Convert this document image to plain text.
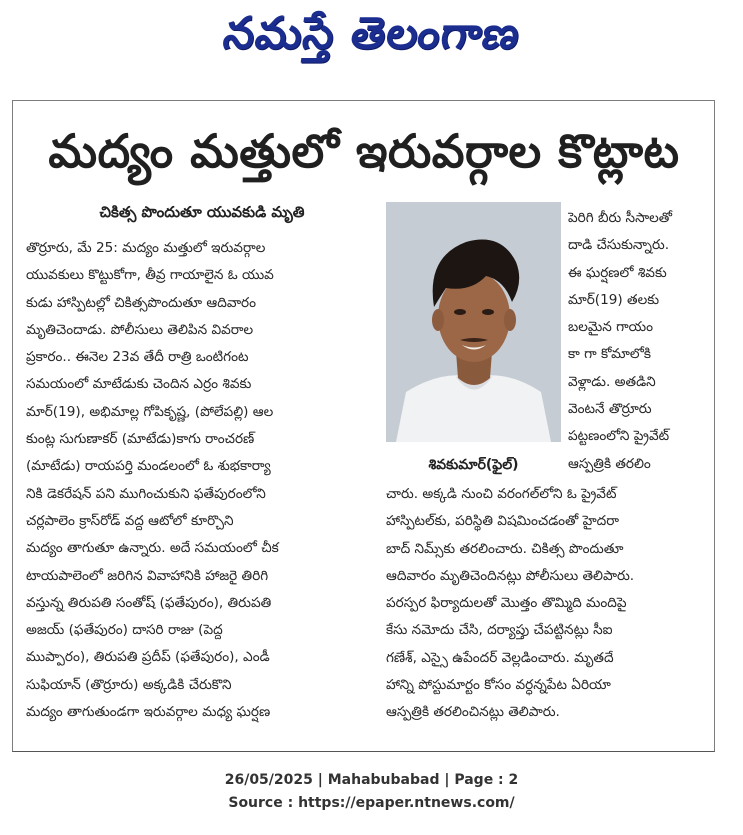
నమస్తే తెలంగాణ
మద్యం మత్తులో ఇరువర్గాల కొట్లాట
చికిత్స పొందుతూ యువకుడి మృతి
తొర్రూరు, మే 25: మద్యం మత్తులో ఇరువర్గాల
యువకులు కొట్టుకోగా, తీవ్ర గాయాలైన ఓ యువ
కుడు హాస్పిటల్లో చికిత్సపొందుతూ ఆదివారం
మృతిచెందాడు. పోలీసులు తెలిపిన వివరాల
ప్రకారం.. ఈనెల 23వ తేదీ రాత్రి ఒంటిగంట
సమయంలో మాటేడుకు చెందిన ఎర్రం శివకు
మార్(19), అభిమాల్ల గోపికృష్ణ, (పోలేపల్లి) ఆల
కుంట్ల సుగుణాకర్ (మాటేడు)కాగు రాంచరణ్
(మాటేడు) రాయపర్తి మండలంలో ఓ శుభకార్యా
నికి డెకరేషన్ పని ముగించుకుని ఫతేపురంలోని
చర్లపాలెం క్రాస్‌రోడ్ వద్ద ఆటోలో కూర్చొని
మద్యం తాగుతూ ఉన్నారు. అదే సమయంలో చీక
టాయపాలెంలో జరిగిన వివాహానికి హాజరై తిరిగి
వస్తున్న తిరుపతి సంతోష్ (ఫతేపురం), తిరుపతి
అజయ్ (ఫతేపురం) దాసరి రాజు (పెద్ద
ముప్పారం), తిరుపతి ప్రదీప్ (ఫతేపురం), ఎండీ
సుఫియాన్ (తొర్రూరు) అక్కడికి చేరుకొని
మద్యం తాగుతుండగా ఇరువర్గాల మధ్య ఘర్షణ
శివకుమార్(ఫైల్)
పెరిగి బీరు సీసాలతో
దాడి చేసుకున్నారు.
ఈ ఘర్షణలో శివకు
మార్(19) తలకు
బలమైన గాయం
కా గా కోమాలోకి
వెళ్లాడు. అతడిని
వెంటనే తొర్రూరు
పట్టణంలోని ప్రైవేట్
ఆస్పత్రికి తరలిం
చారు. అక్కడి నుంచి వరంగల్‌లోని ఓ ప్రైవేట్
హాస్పిటల్‌కు, పరిస్థితి విషమించడంతో హైదరా
బాద్ నిమ్స్‌కు తరలించారు. చికిత్స పొందుతూ
ఆదివారం మృతిచెందినట్లు పోలీసులు తెలిపారు.
పరస్పర ఫిర్యాదులతో మొత్తం తొమ్మిది మందిపై
కేసు నమోదు చేసి, దర్యాప్తు చేపట్టినట్లు సీఐ
గణేశ్, ఎస్సై ఉపేందర్ వెల్లడించారు. మృతదే
హాన్ని పోస్టుమార్టం కోసం వర్ధన్నపేట ఏరియా
ఆస్పత్రికి తరలించినట్లు తెలిపారు.
26/05/2025 | Mahabubabad | Page : 2
Source : https://epaper.ntnews.com/
